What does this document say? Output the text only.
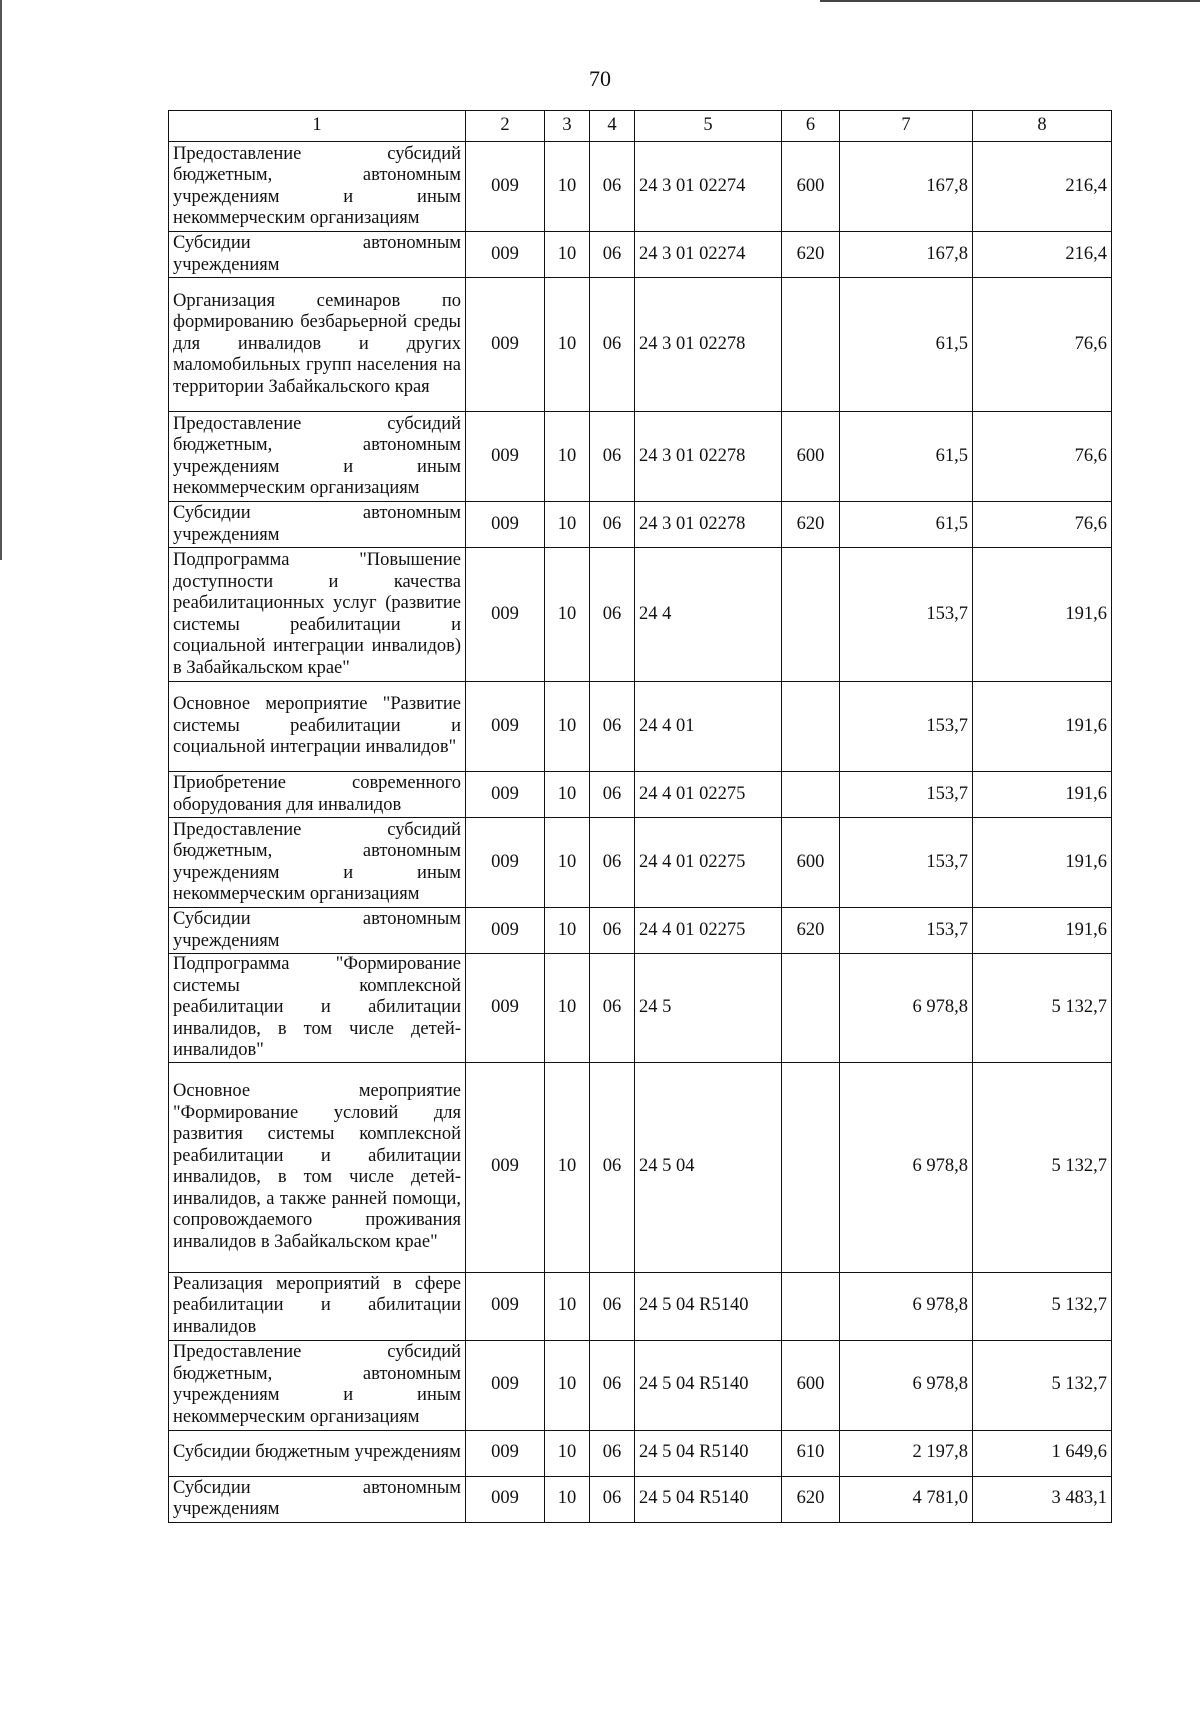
70
1	2	3	4	5	6	7	8
Предоставление субсидий бюджетным, автономным учреждениям и иным некоммерческим организациям	009	10	06	24 3 01 02274	600	167,8	216,4
Субсидии автономным учреждениям	009	10	06	24 3 01 02274	620	167,8	216,4
Организация семинаров по формированию безбарьерной среды для инвалидов и других маломобильных групп населения на территории Забайкальского края	009	10	06	24 3 01 02278		61,5	76,6
Предоставление субсидий бюджетным, автономным учреждениям и иным некоммерческим организациям	009	10	06	24 3 01 02278	600	61,5	76,6
Субсидии автономным учреждениям	009	10	06	24 3 01 02278	620	61,5	76,6
Подпрограмма "Повышение доступности и качества реабилитационных услуг (развитие системы реабилитации и социальной интеграции инвалидов) в Забайкальском крае"	009	10	06	24 4		153,7	191,6
Основное мероприятие "Развитие системы реабилитации и социальной интеграции инвалидов"	009	10	06	24 4 01		153,7	191,6
Приобретение современного оборудования для инвалидов	009	10	06	24 4 01 02275		153,7	191,6
Предоставление субсидий бюджетным, автономным учреждениям и иным некоммерческим организациям	009	10	06	24 4 01 02275	600	153,7	191,6
Субсидии автономным учреждениям	009	10	06	24 4 01 02275	620	153,7	191,6
Подпрограмма "Формирование системы комплексной реабилитации и абилитации инвалидов, в том числе детей-инвалидов"	009	10	06	24 5		6 978,8	5 132,7
Основное мероприятие "Формирование условий для развития системы комплексной реабилитации и абилитации инвалидов, в том числе детей-инвалидов, а также ранней помощи, сопровождаемого проживания инвалидов в Забайкальском крае"	009	10	06	24 5 04		6 978,8	5 132,7
Реализация мероприятий в сфере реабилитации и абилитации инвалидов	009	10	06	24 5 04 R5140		6 978,8	5 132,7
Предоставление субсидий бюджетным, автономным учреждениям и иным некоммерческим организациям	009	10	06	24 5 04 R5140	600	6 978,8	5 132,7
Субсидии бюджетным учреждениям	009	10	06	24 5 04 R5140	610	2 197,8	1 649,6
Субсидии автономным учреждениям	009	10	06	24 5 04 R5140	620	4 781,0	3 483,1
